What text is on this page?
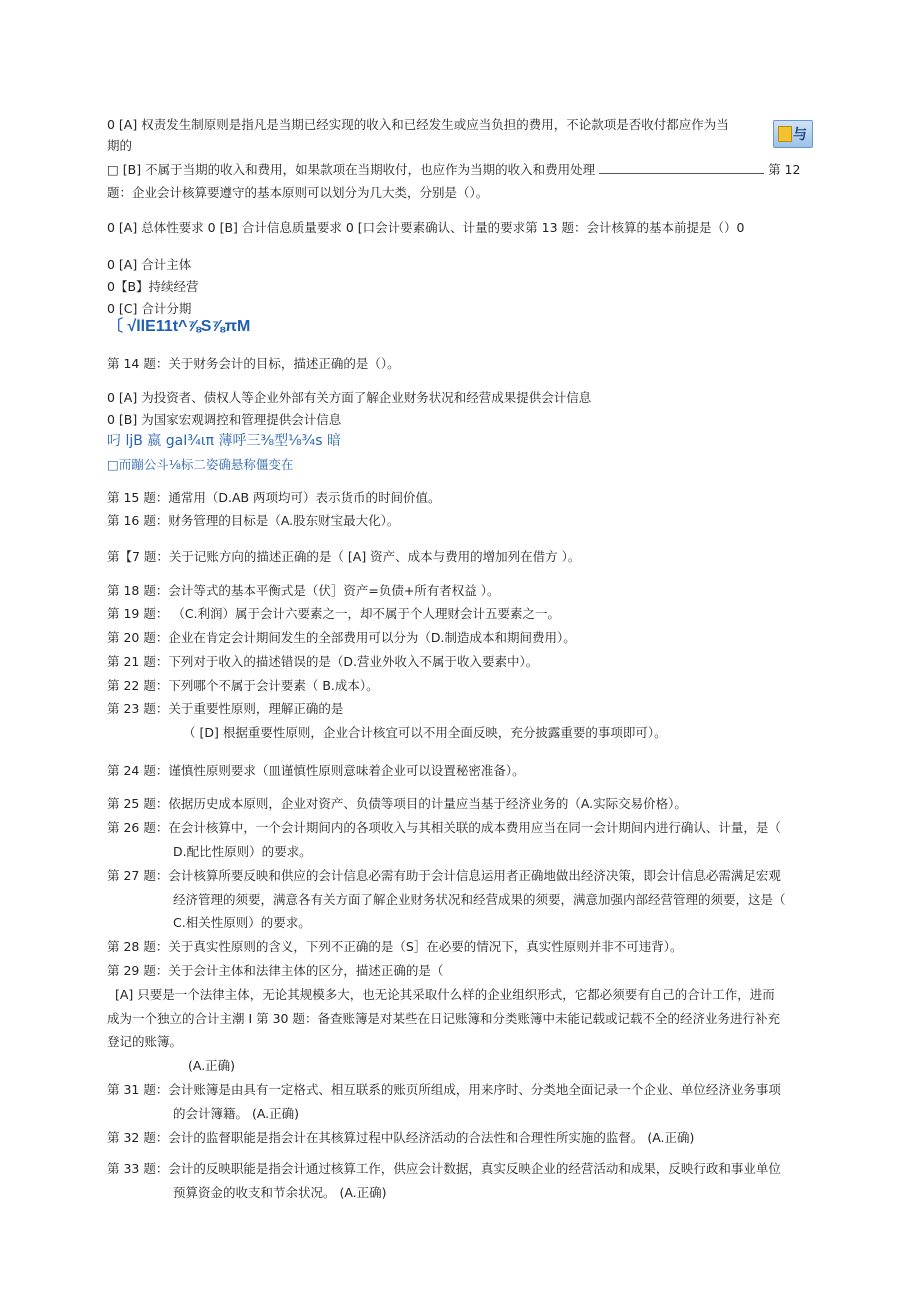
与
0 [A] 权责发生制原则是指凡是当期已经实现的收入和已经发生或应当负担的费用，不论款项是否收付都应作为当
期的
□ [B] 不属于当期的收入和费用，如果款项在当期收付，也应作为当期的收入和费用处理	第 12
题：企业会计核算要遵守的基本原则可以划分为几大类，分别是（）。
0 [A] 总体性要求 0 [B] 合计信息质量要求 0 [口会计要素确认、计量的要求第 13 题：会计核算的基本前提是（）0
0 [A] 合计主体
0【B】持续经营
0 [C] 合计分期
〔 √llE11t^⅞S⅞πM
第 14 题：关于财务会计的目标，描述正确的是（）。
0 [A] 为投资者、债权人等企业外部有关方面了解企业财务状况和经营成果提供会计信息
0 [B] 为国家宏观调控和管理提供会计信息
叼 ljB 嬴 gaI¾ιπ 薄呼三⅜型⅛¾s 暗
□而蹦公斗⅛标二姿确悬称僵变在
第 15 题：通常用（D.AB 两项均可）表示货币的时间价值。
第 16 题：财务管理的目标是（A.股东财宝最大化）。
第【7 题：关于记账方向的描述正确的是（ [A] 资产、成本与费用的增加列在借方 ）。
第 18 题：会计等式的基本平衡式是（伏］资产=负债+所有者权益 ）。
第 19 题： （C.利润）属于会计六要素之一，却不属于个人理财会计五要素之一。
第 20 题：企业在肯定会计期间发生的全部费用可以分为（D.制造成本和期间费用）。
第 21 题：下列对于收入的描述错误的是（D.营业外收入不属于收入要素中）。
第 22 题：下列哪个不属于会计要素（ B.成本）。
第 23 题：关于重要性原则，理解正确的是
（ [D] 根据重要性原则，企业合计核宜可以不用全面反映，充分披露重要的事项即可）。
第 24 题：谨慎性原则要求（皿谨慎性原则意味着企业可以设置秘密准备）。
第 25 题：依据历史成本原则，企业对资产、负债等项目的计量应当基于经济业务的（A.实际交易价格）。
第 26 题：在会计核算中，一个会计期间内的各项收入与其相关联的成本费用应当在同一会计期间内进行确认、计量，是（
D.配比性原则）的要求。
第 27 题：会计核算所要反映和供应的会计信息必需有助于会计信息运用者正确地做出经济决策，即会计信息必需满足宏观
经济管理的须要，满意各有关方面了解企业财务状况和经营成果的须要，满意加强内部经营管理的须要，这是（
C.相关性原则）的要求。
第 28 题：关于真实性原则的含义，下列不正确的是（S］在必要的情况下，真实性原则并非不可违背）。
第 29 题：关于会计主体和法律主体的区分，描述正确的是（
[A] 只要是一个法律主体，无论其规模多大，也无论其采取什么样的企业组织形式，它都必须要有自己的合计工作，进而
成为一个独立的合计主潮 I 第 30 题：备查账簿是对某些在日记账簿和分类账簿中未能记载或记载不全的经济业务进行补充
登记的账簿。
(A.正确)
第 31 题：会计账簿是由具有一定格式、相互联系的账页所组成，用来序时、分类地全面记录一个企业、单位经济业务事项
的会计簿籍。 (A.正确)
第 32 题：会计的监督职能是指会计在其核算过程中队经济活动的合法性和合理性所实施的监督。 (A.正确)
第 33 题：会计的反映职能是指会计通过核算工作，供应会计数据，真实反映企业的经营活动和成果，反映行政和事业单位
预算资金的收支和节余状况。 (A.正确)
